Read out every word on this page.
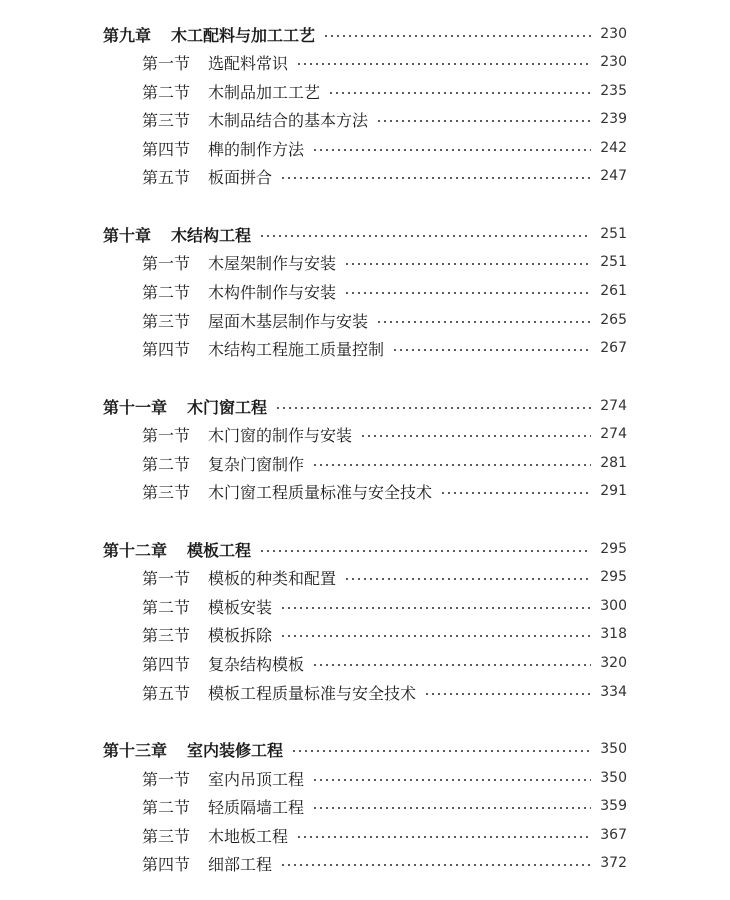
第九章 木工配料与加工工艺	230
第一节 选配料常识	230
第二节 木制品加工工艺	235
第三节 木制品结合的基本方法	239
第四节 榫的制作方法	242
第五节 板面拼合	247
第十章 木结构工程	251
第一节 木屋架制作与安装	251
第二节 木构件制作与安装	261
第三节 屋面木基层制作与安装	265
第四节 木结构工程施工质量控制	267
第十一章 木门窗工程	274
第一节 木门窗的制作与安装	274
第二节 复杂门窗制作	281
第三节 木门窗工程质量标准与安全技术	291
第十二章 模板工程	295
第一节 模板的种类和配置	295
第二节 模板安装	300
第三节 模板拆除	318
第四节 复杂结构模板	320
第五节 模板工程质量标准与安全技术	334
第十三章 室内装修工程	350
第一节 室内吊顶工程	350
第二节 轻质隔墙工程	359
第三节 木地板工程	367
第四节 细部工程	372
